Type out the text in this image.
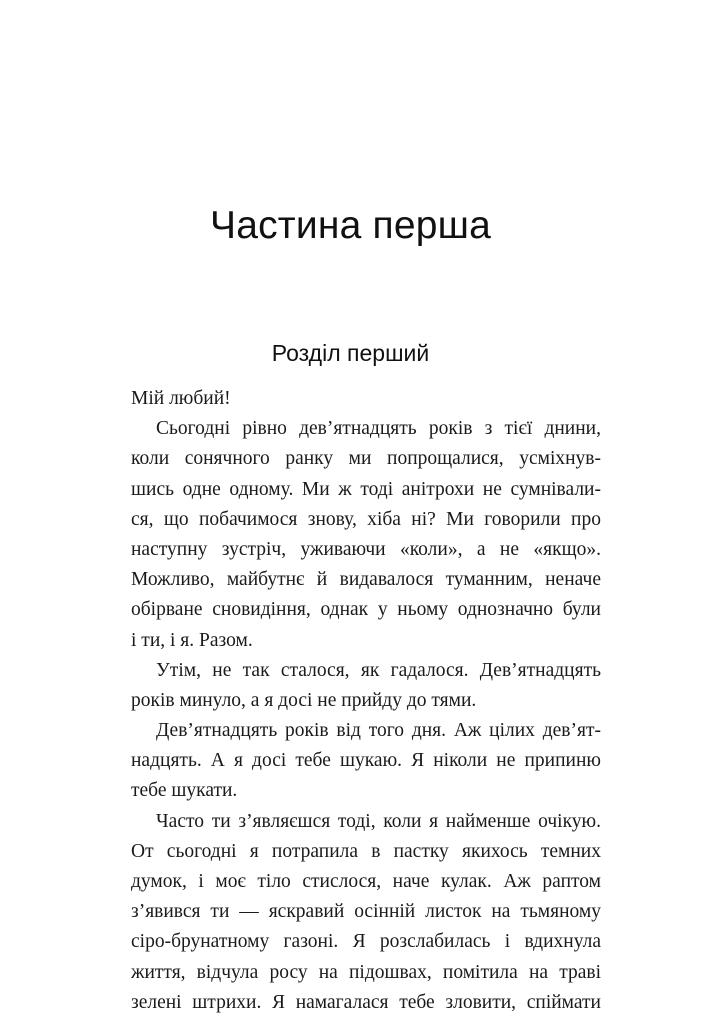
Частина перша
Розділ перший
Мій любий!
Сьогодні рівно дев’ятнадцять років з тієї днини,
коли сонячного ранку ми попрощалися, усміхнув-
шись одне одному. Ми ж тоді анітрохи не сумнівали-
ся, що побачимося знову, хіба ні? Ми говорили про
наступну зустріч, уживаючи «коли», а не «якщо».
Можливо, майбутнє й видавалося туманним, неначе
обірване сновидіння, однак у ньому однозначно були
і ти, і я. Разом.
Утім, не так сталося, як гадалося. Дев’ятнадцять
років минуло, а я досі не прийду до тями.
Дев’ятнадцять років від того дня. Аж цілих дев’ят-
надцять. А я досі тебе шукаю. Я ніколи не припиню
тебе шукати.
Часто ти з’являєшся тоді, коли я найменше очікую.
От сьогодні я потрапила в пастку якихось темних
думок, і моє тіло стислося, наче кулак. Аж раптом
з’явився ти — яскравий осінній листок на тьмяному
сіро-брунатному газоні. Я розслабилась і вдихнула
життя, відчула росу на підошвах, помітила на траві
зелені штрихи. Я намагалася тебе зловити, спіймати
